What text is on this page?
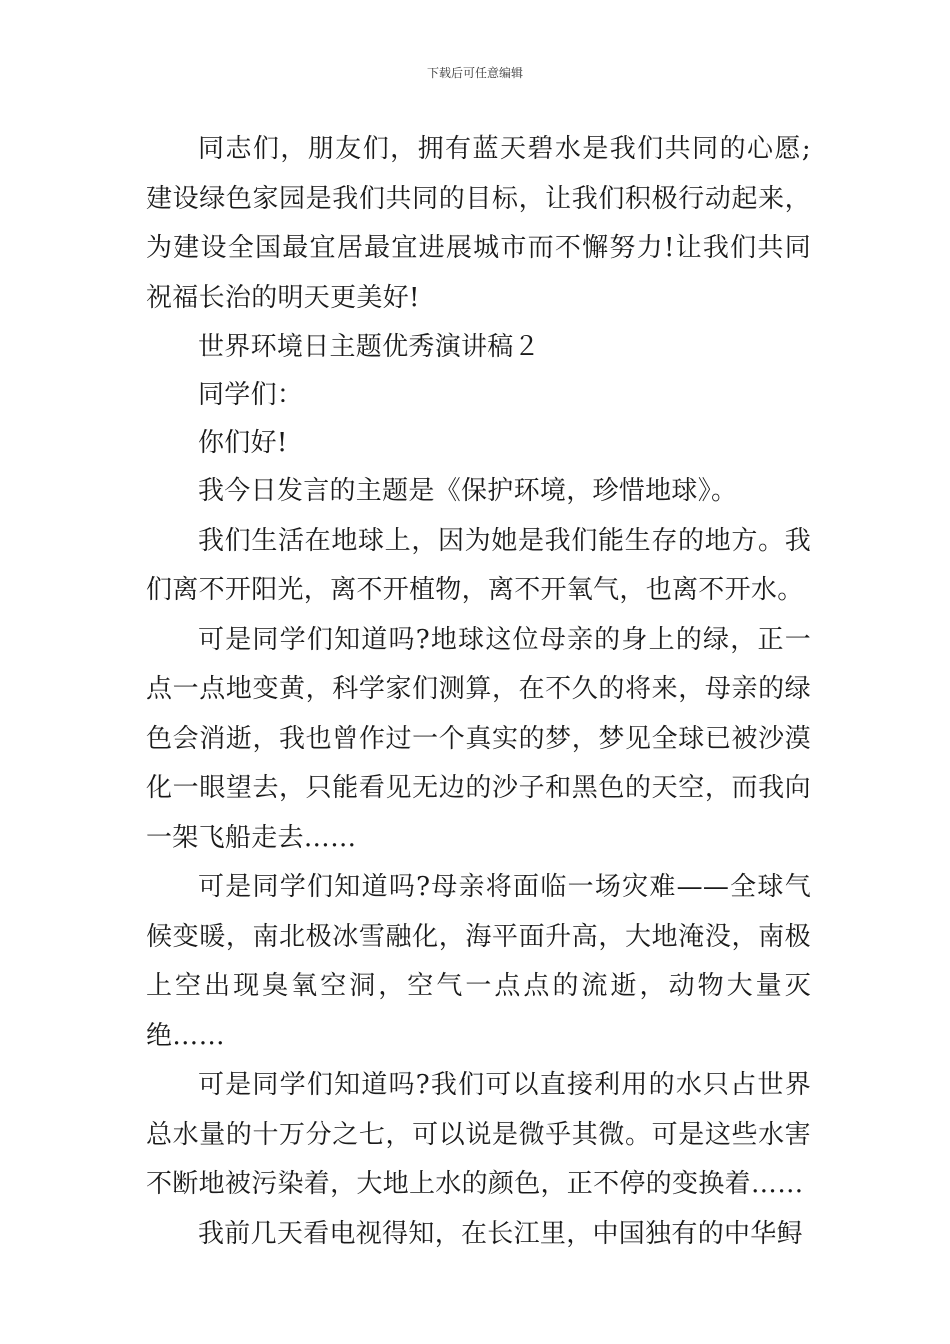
下载后可任意编辑

同志们，朋友们，拥有蓝天碧水是我们共同的心愿;建设绿色家园是我们共同的目标，让我们积极行动起来，为建设全国最宜居最宜进展城市而不懈努力!让我们共同祝福长治的明天更美好!

世界环境日主题优秀演讲稿２

同学们：

你们好!

我今日发言的主题是《保护环境，珍惜地球》。

我们生活在地球上，因为她是我们能生存的地方。我们离不开阳光，离不开植物，离不开氧气，也离不开水。

可是同学们知道吗?地球这位母亲的身上的绿，正一点一点地变黄，科学家们测算，在不久的将来，母亲的绿色会消逝，我也曾作过一个真实的梦，梦见全球已被沙漠化一眼望去，只能看见无边的沙子和黑色的天空，而我向一架飞船走去……

可是同学们知道吗?母亲将面临一场灾难——全球气候变暖，南北极冰雪融化，海平面升高，大地淹没，南极上空出现臭氧空洞，空气一点点的流逝，动物大量灭绝……

可是同学们知道吗?我们可以直接利用的水只占世界总水量的十万分之七，可以说是微乎其微。可是这些水害不断地被污染着，大地上水的颜色，正不停的变换着……

我前几天看电视得知，在长江里，中国独有的中华鲟
